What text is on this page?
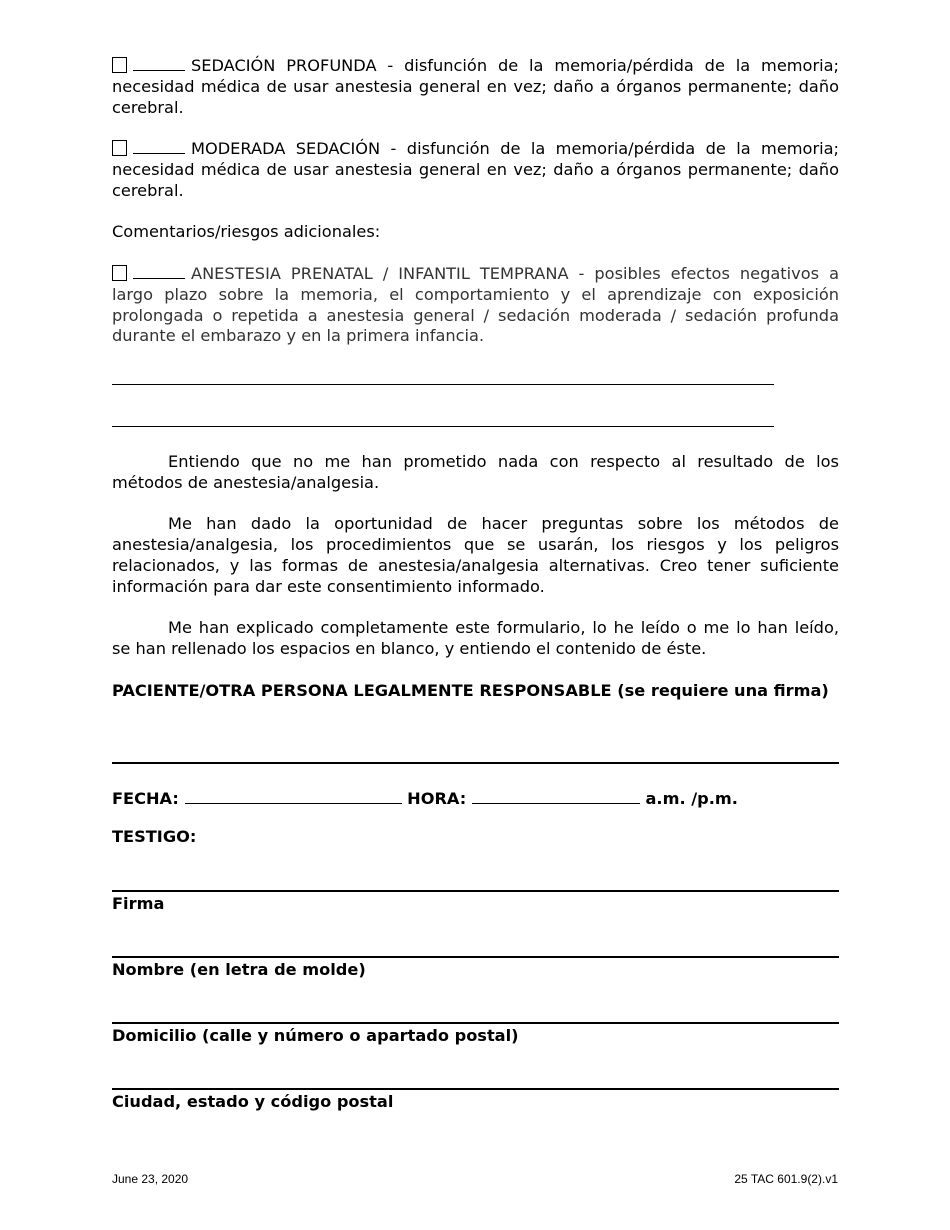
SEDACIÓN PROFUNDA - disfunción de la memoria/pérdida de la memoria; necesidad médica de usar anestesia general en vez; daño a órganos permanente; daño cerebral.

MODERADA SEDACIÓN - disfunción de la memoria/pérdida de la memoria; necesidad médica de usar anestesia general en vez; daño a órganos permanente; daño cerebral.

Comentarios/riesgos adicionales:

ANESTESIA PRENATAL / INFANTIL TEMPRANA - posibles efectos negativos a largo plazo sobre la memoria, el comportamiento y el aprendizaje con exposición prolongada o repetida a anestesia general / sedación moderada / sedación profunda durante el embarazo y en la primera infancia.

Entiendo que no me han prometido nada con respecto al resultado de los métodos de anestesia/analgesia.

Me han dado la oportunidad de hacer preguntas sobre los métodos de anestesia/analgesia, los procedimientos que se usarán, los riesgos y los peligros relacionados, y las formas de anestesia/analgesia alternativas. Creo tener suficiente información para dar este consentimiento informado.

Me han explicado completamente este formulario, lo he leído o me lo han leído, se han rellenado los espacios en blanco, y entiendo el contenido de éste.

PACIENTE/OTRA PERSONA LEGALMENTE RESPONSABLE (se requiere una firma)

FECHA:	HORA:	a.m. /p.m.

TESTIGO:

Firma

Nombre (en letra de molde)

Domicilio (calle y número o apartado postal)

Ciudad, estado y código postal

June 23, 2020	25 TAC 601.9(2).v1
